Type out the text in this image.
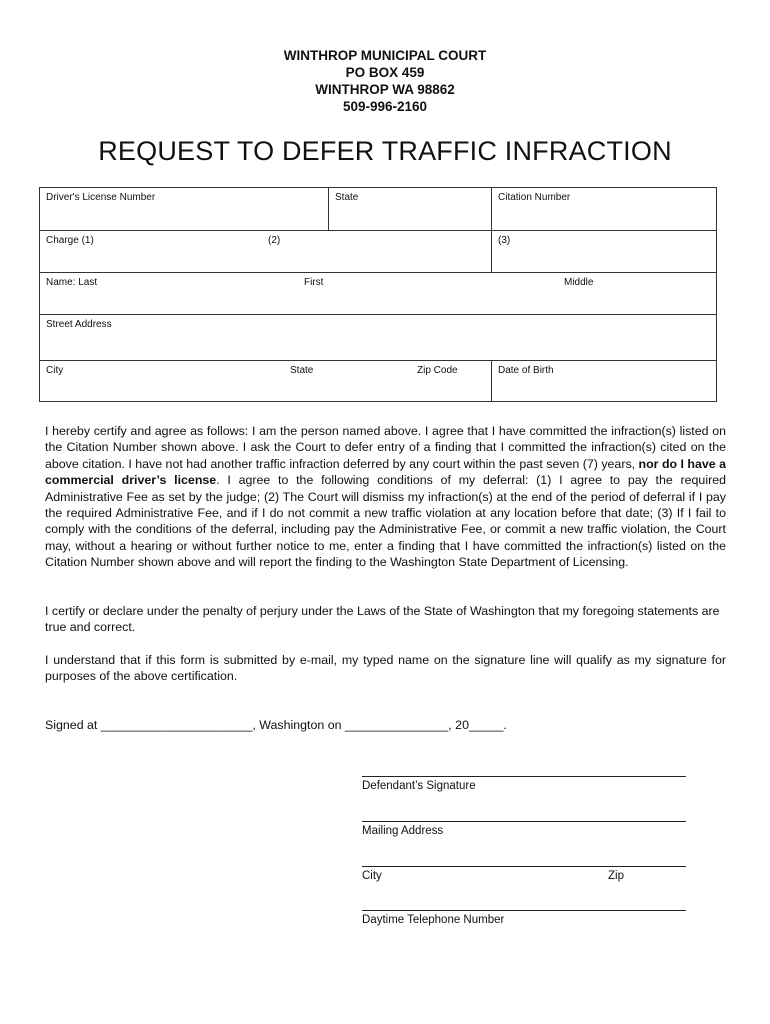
WINTHROP MUNICIPAL COURT
PO BOX 459
WINTHROP WA 98862
509-996-2160
REQUEST TO DEFER TRAFFIC INFRACTION
Driver's License Number	State	Citation Number

Charge (1) (2)		(3)

Name: Last First Middle		

Street Address		

City State Zip Code		Date of Birth
I hereby certify and agree as follows: I am the person named above. I agree that I have committed the infraction(s) listed on the Citation Number shown above. I ask the Court to defer entry of a finding that I committed the infraction(s) cited on the above citation. I have not had another traffic infraction deferred by any court within the past seven (7) years, nor do I have a commercial driver’s license. I agree to the following conditions of my deferral: (1) I agree to pay the required Administrative Fee as set by the judge; (2) The Court will dismiss my infraction(s) at the end of the period of deferral if I pay the required Administrative Fee, and if I do not commit a new traffic violation at any location before that date; (3) If I fail to comply with the conditions of the deferral, including pay the Administrative Fee, or commit a new traffic violation, the Court may, without a hearing or without further notice to me, enter a finding that I have committed the infraction(s) listed on the Citation Number shown above and will report the finding to the Washington State Department of Licensing.
I certify or declare under the penalty of perjury under the Laws of the State of Washington that my foregoing statements are true and correct.
I understand that if this form is submitted by e-mail, my typed name on the signature line will qualify as my signature for purposes of the above certification.
Signed at ______________________, Washington on _______________, 20_____.
Defendant’s Signature
Mailing Address
City	Zip
Daytime Telephone Number
